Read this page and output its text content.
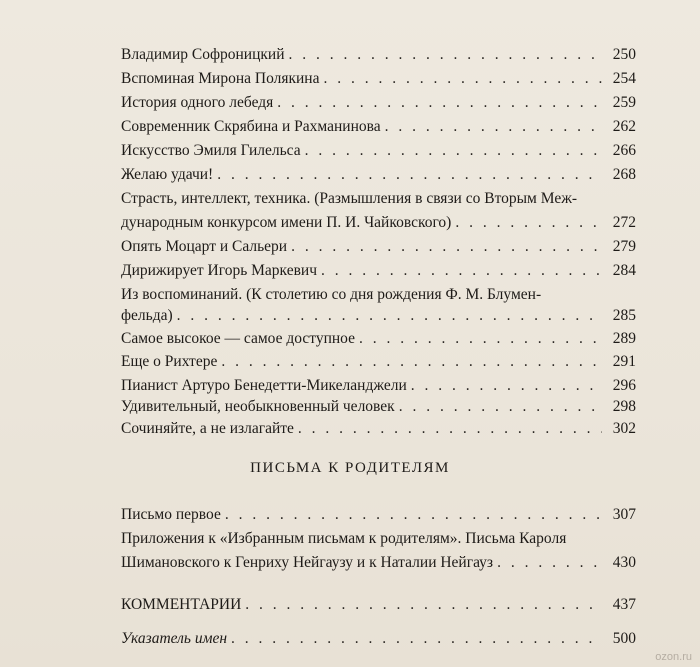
Владимир Софроницкий . . .	250
Вспоминая Мирона Полякина . . .	254
История одного лебедя . . .	259
Современник Скрябина и Рахманинова . . .	262
Искусство Эмиля Гилельса . . .	266
Желаю удачи! . . .	268
Страсть, интеллект, техника. (Размышления в связи со Вторым Меж-
дународным конкурсом имени П. И. Чайковского) . . .	272
Опять Моцарт и Сальери . . .	279
Дирижирует Игорь Маркевич . . .	284
Из воспоминаний. (К столетию со дня рождения Ф. М. Блумен-
фельда) . . .	285
Самое высокое — самое доступное . . .	289
Еще о Рихтере . . .	291
Пианист Артуро Бенедетти-Микеланджели . . .	296
Удивительный, необыкновенный человек . . .	298
Сочиняйте, а не излагайте . . .	302
ПИСЬМА К РОДИТЕЛЯМ
Письмо первое . . .	307
Приложения к «Избранным письмам к родителям». Письма Кароля
Шимановского к Генриху Нейгаузу и к Наталии Нейгауз . . .	430
КОММЕНТАРИИ . . .	437
Указатель имен . . .	500
ozon.ru
